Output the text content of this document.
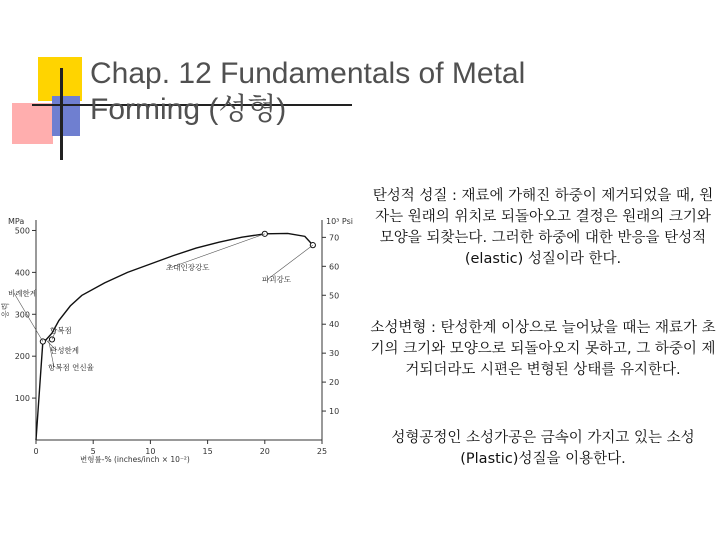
Chap. 12 Fundamentals of Metal
Forming (성형)
0	5	10	15	20	25
100
200
300
400
500
10
20
30
40
50
60
70
비례한계
항복점
초대인장강도
파괴강도
탄성한계
항복점 연신율
MPa	10³ Psi
변형률-% (inches/inch × 10⁻²)
응력
탄성적 성질 : 재료에 가해진 하중이 제거되었을 때, 원자는 원래의 위치로 되돌아오고 결정은 원래의 크기와 모양을 되찾는다. 그러한 하중에 대한 반응을 탄성적(elastic) 성질이라 한다.
소성변형 : 탄성한계 이상으로 늘어났을 때는 재료가 초기의 크기와 모양으로 되돌아오지 못하고, 그 하중이 제거되더라도 시편은 변형된 상태를 유지한다.
성형공정인 소성가공은 금속이 가지고 있는 소성(Plastic)성질을 이용한다.
